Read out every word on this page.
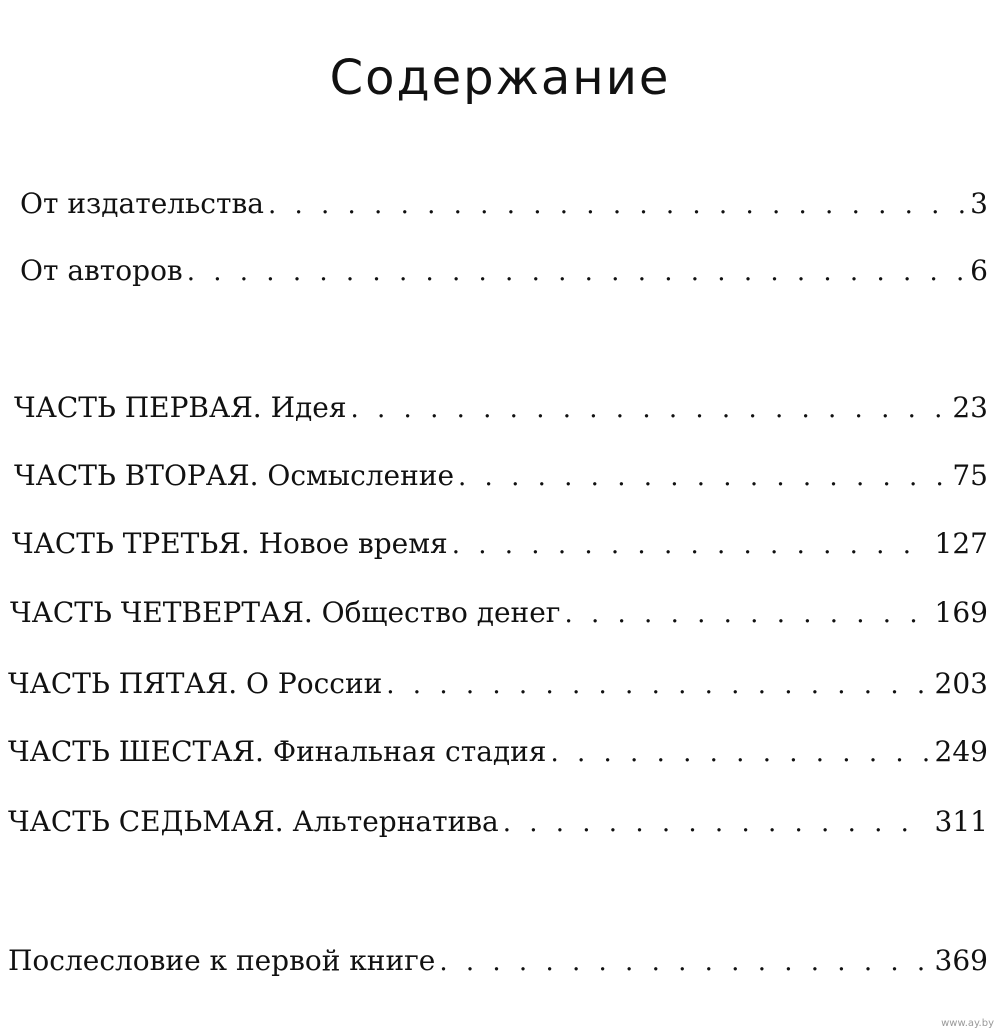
Содержание
От издательства . . .	3
От авторов . . .	6
ЧАСТЬ ПЕРВАЯ. Идея . . .	23
ЧАСТЬ ВТОРАЯ. Осмысление . . .	75
ЧАСТЬ ТРЕТЬЯ. Новое время . . .	127
ЧАСТЬ ЧЕТВЕРТАЯ. Общество денег . . .	169
ЧАСТЬ ПЯТАЯ. О России . . .	203
ЧАСТЬ ШЕСТАЯ. Финальная стадия . . .	249
ЧАСТЬ СЕДЬМАЯ. Альтернатива . . .	311
Послесловие к первой книге . . .	369
www.ay.by
